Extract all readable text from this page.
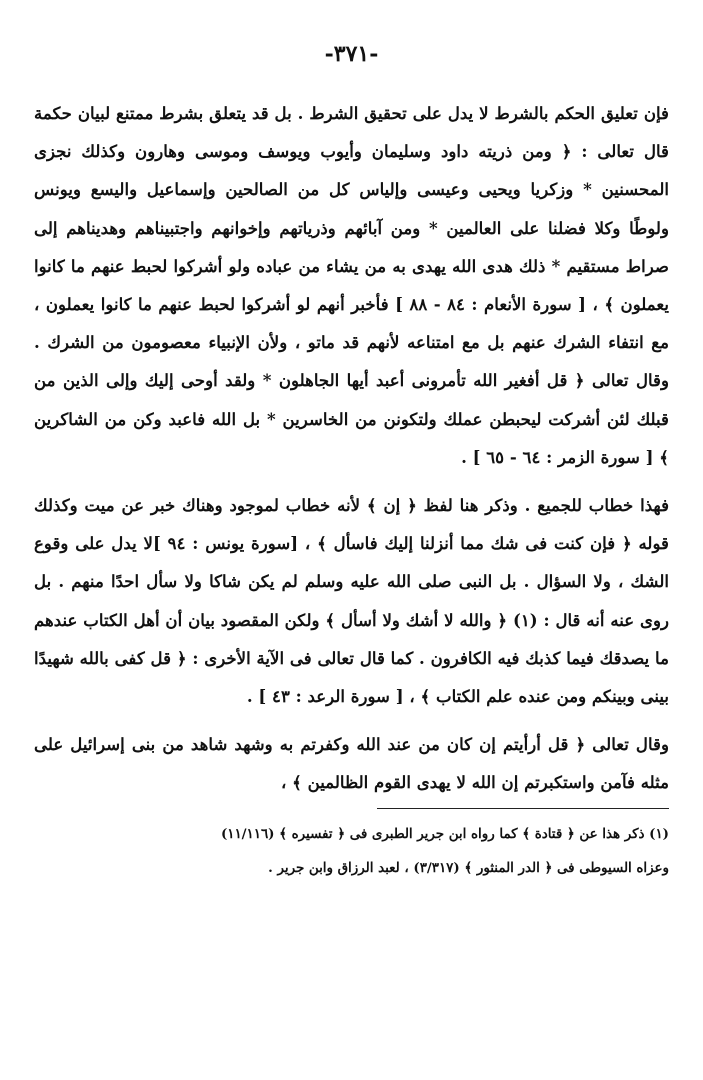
-٣٧١-

فإن تعليق الحكم بالشرط لا يدل على تحقيق الشرط . بل قد يتعلق بشرط ممتنع لبيان حكمة قال تعالى : ﴿ ومن ذريته داود وسليمان وأيوب ويوسف وموسى وهارون وكذلك نجزى المحسنين * وزكريا ويحيى وعيسى وإلياس كل من الصالحين وإسماعيل واليسع ويونس ولوطًا وكلا فضلنا على العالمين * ومن آبائهم وذرياتهم وإخوانهم واجتبيناهم وهديناهم إلى صراط مستقيم * ذلك هدى الله يهدى به من يشاء من عباده ولو أشركوا لحبط عنهم ما كانوا يعملون ﴾ ، [ سورة الأنعام : ٨٤ - ٨٨ ] فأخبر أنهم لو أشركوا لحبط عنهم ما كانوا يعملون ، مع انتفاء الشرك عنهم بل مع امتناعه لأنهم قد ماتو ، ولأن الإنبياء معصومون من الشرك . وقال تعالى ﴿ قل أفغير الله تأمرونى أعبد أيها الجاهلون * ولقد أوحى إليك وإلى الذين من قبلك لئن أشركت ليحبطن عملك ولتكونن من الخاسرين * بل الله فاعبد وكن من الشاكرين ﴾ [ سورة الزمر : ٦٤ - ٦٥ ] .

فهذا خطاب للجميع . وذكر هنا لفظ ﴿ إن ﴾ لأنه خطاب لموجود وهناك خبر عن ميت وكذلك قوله ﴿ فإن كنت فى شك مما أنزلنا إليك فاسأل ﴾ ، [سورة يونس : ٩٤ ]لا يدل على وقوع الشك ، ولا السؤال . بل النبى صلى الله عليه وسلم لم يكن شاكا ولا سأل احدًا منهم . بل روى عنه أنه قال : (١) ﴿ والله لا أشك ولا أسأل ﴾ ولكن المقصود بيان أن أهل الكتاب عندهم ما يصدقك فيما كذبك فيه الكافرون . كما قال تعالى فى الآية الأخرى : ﴿ قل كفى بالله شهيدًا بينى وبينكم ومن عنده علم الكتاب ﴾ ، [ سورة الرعد : ٤٣ ] .

وقال تعالى ﴿ قل أرأيتم إن كان من عند الله وكفرتم به وشهد شاهد من بنى إسرائيل على مثله فآمن واستكبرتم إن الله لا يهدى القوم الظالمين ﴾ ،

(١) ذكر هذا عن ﴿ قتادة ﴾ كما رواه ابن جرير الطبرى فى ﴿ تفسيره ﴾ (١١/١١٦)

وعزاه السيوطى فى ﴿ الدر المنثور ﴾ (٣/٣١٧) ، لعبد الرزاق وابن جرير .
